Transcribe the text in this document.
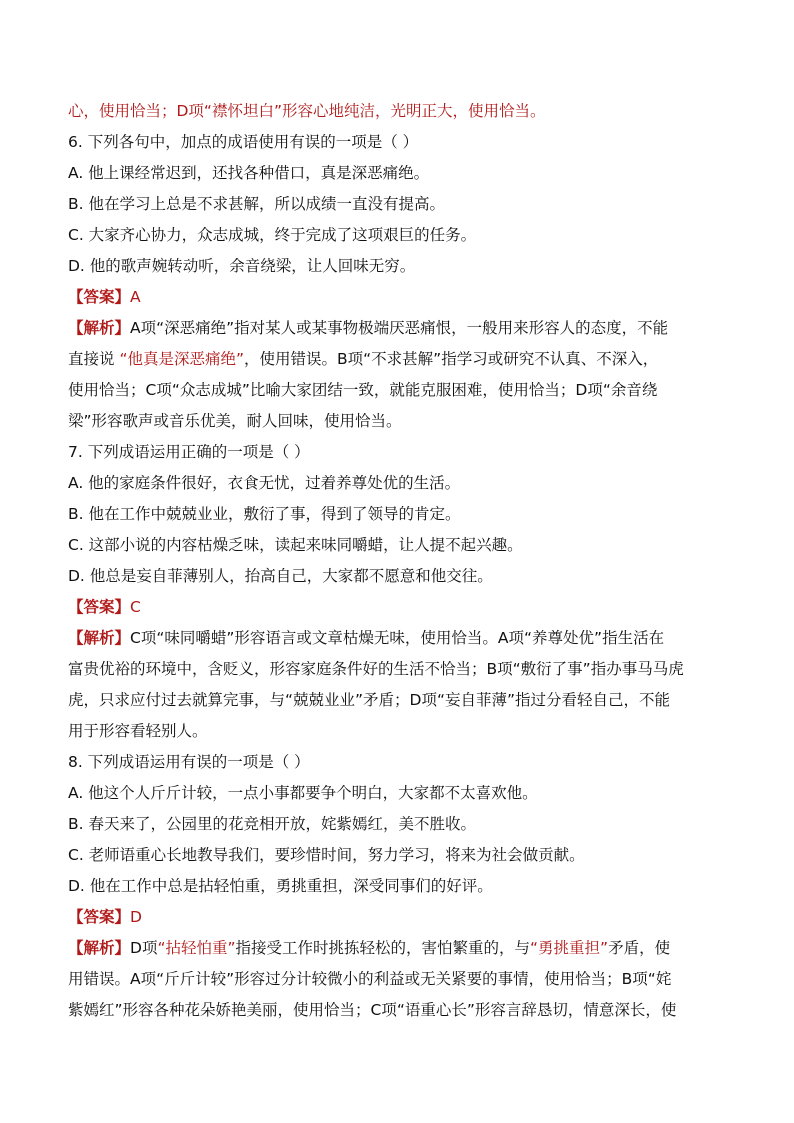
心，使用恰当；D项“襟怀坦白”形容心地纯洁，光明正大，使用恰当。
6. 下列各句中，加点的成语使用有误的一项是（ ）
A. 他上课经常迟到，还找各种借口，真是深恶痛绝。
B. 他在学习上总是不求甚解，所以成绩一直没有提高。
C. 大家齐心协力，众志成城，终于完成了这项艰巨的任务。
D. 他的歌声婉转动听，余音绕梁，让人回味无穷。
【答案】A
【解析】A项“深恶痛绝”指对某人或某事物极端厌恶痛恨，一般用来形容人的态度，不能
直接说 “他真是深恶痛绝”，使用错误。B项“不求甚解”指学习或研究不认真、不深入，
使用恰当；C项“众志成城”比喻大家团结一致，就能克服困难，使用恰当；D项“余音绕
梁”形容歌声或音乐优美，耐人回味，使用恰当。
7. 下列成语运用正确的一项是（ ）
A. 他的家庭条件很好，衣食无忧，过着养尊处优的生活。
B. 他在工作中兢兢业业，敷衍了事，得到了领导的肯定。
C. 这部小说的内容枯燥乏味，读起来味同嚼蜡，让人提不起兴趣。
D. 他总是妄自菲薄别人，抬高自己，大家都不愿意和他交往。
【答案】C
【解析】C项“味同嚼蜡”形容语言或文章枯燥无味，使用恰当。A项“养尊处优”指生活在
富贵优裕的环境中，含贬义，形容家庭条件好的生活不恰当；B项“敷衍了事”指办事马马虎
虎，只求应付过去就算完事，与“兢兢业业”矛盾；D项“妄自菲薄”指过分看轻自己，不能
用于形容看轻别人。
8. 下列成语运用有误的一项是（ ）
A. 他这个人斤斤计较，一点小事都要争个明白，大家都不太喜欢他。
B. 春天来了，公园里的花竞相开放，姹紫嫣红，美不胜收。
C. 老师语重心长地教导我们，要珍惜时间，努力学习，将来为社会做贡献。
D. 他在工作中总是拈轻怕重，勇挑重担，深受同事们的好评。
【答案】D
【解析】D项“拈轻怕重”指接受工作时挑拣轻松的，害怕繁重的，与“勇挑重担”矛盾，使
用错误。A项“斤斤计较”形容过分计较微小的利益或无关紧要的事情，使用恰当；B项“姹
紫嫣红”形容各种花朵娇艳美丽，使用恰当；C项“语重心长”形容言辞恳切，情意深长，使
